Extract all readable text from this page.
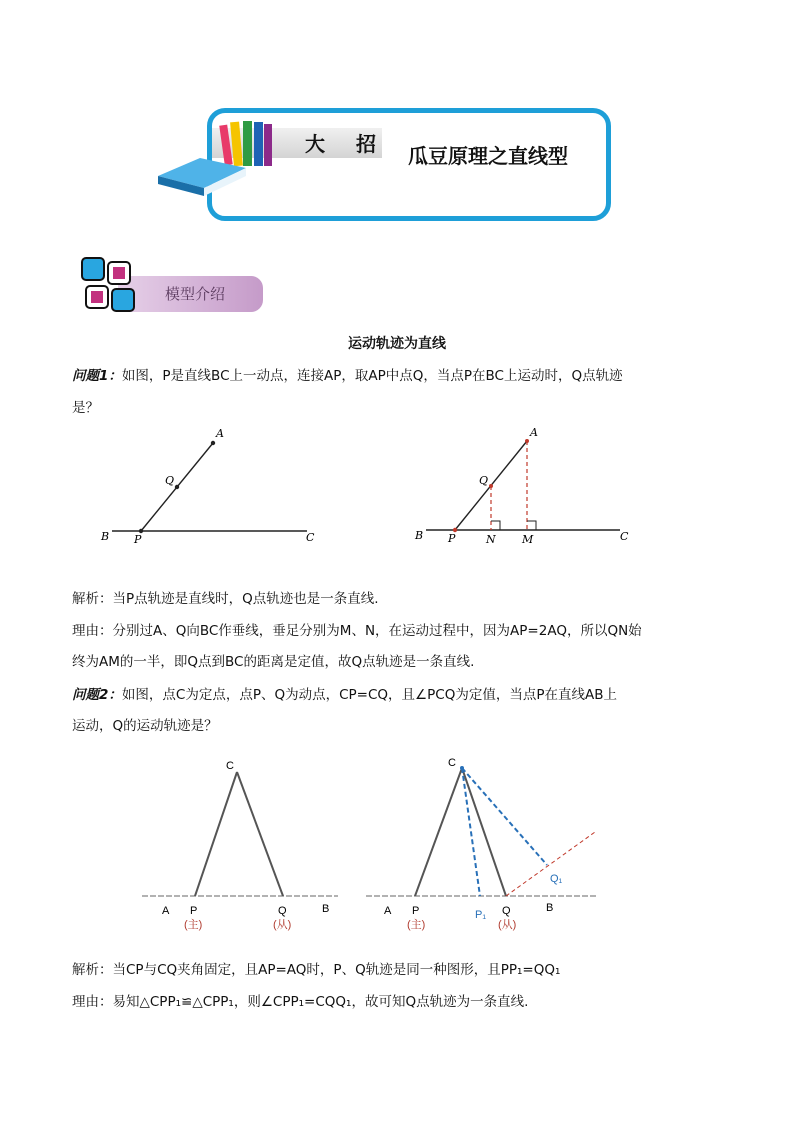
大 招 瓜豆原理之直线型
模型介绍
运动轨迹为直线
问题1：如图，P是直线BC上一动点，连接AP，取AP中点Q，当点P在BC上运动时，Q点轨迹
是？
A
Q
B P	C
A
Q
B P	N M	C
解析：当P点轨迹是直线时，Q点轨迹也是一条直线.
理由：分别过A、Q向BC作垂线，垂足分别为M、N，在运动过程中，因为AP=2AQ，所以QN始
终为AM的一半，即Q点到BC的距离是定值，故Q点轨迹是一条直线.
问题2：如图，点C为定点，点P、Q为动点，CP=CQ，且∠PCQ为定值，当点P在直线AB上
运动，Q的运动轨迹是？
C
A P	Q	B
(主)	(从)
C
A P	P₁ Q	B
Q₁
(主)	(从)
解析：当CP与CQ夹角固定，且AP=AQ时，P、Q轨迹是同一种图形，且PP₁=QQ₁
理由：易知△CPP₁≌△CPP₁，则∠CPP₁=CQQ₁，故可知Q点轨迹为一条直线.
